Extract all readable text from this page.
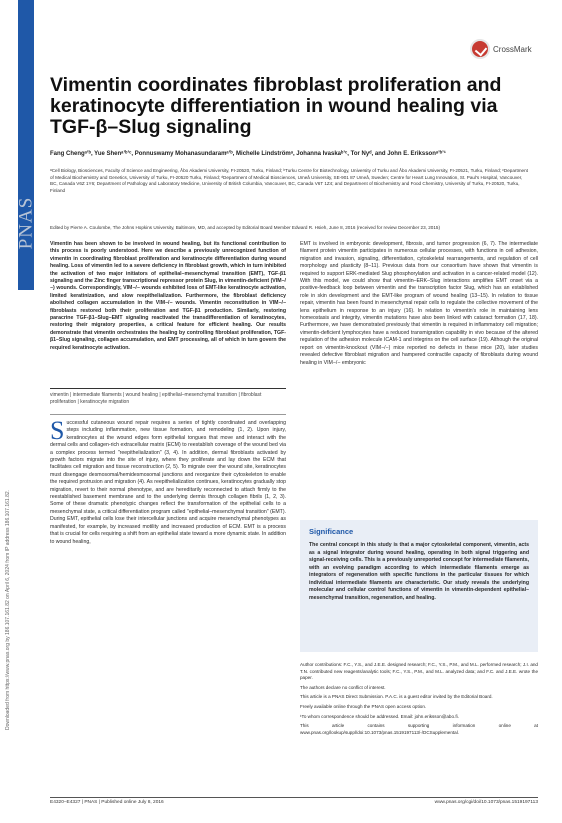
PNAS
Downloaded from https://www.pnas.org by 186.107.161.82 on April 6, 2024 from IP address 186.107.161.82.
CrossMark
Vimentin coordinates fibroblast proliferation and keratinocyte differentiation in wound healing via TGF-β–Slug signaling
Fang Chengᵃ’ᵇ, Yue Shenᵃ’ᵇ’ᶜ, Ponnuswamy Mohanasundaramᵃ’ᵇ, Michelle Lindströmᵃ, Johanna Ivaskaᵇ’ᶜ, Tor Nyᵈ, and John E. Erikssonᵃ’ᵇ’¹
ᵃCell Biology, Biosciences, Faculty of Science and Engineering, Åbo Akademi University, FI-20520, Turku, Finland; ᵇTurku Centre for Biotechnology, University of Turku and Åbo Akademi University, FI-20521, Turku, Finland; ᶜDepartment of Medical Biochemistry and Genetics, University of Turku, FI-20520 Turku, Finland; ᵈDepartment of Medical Biosciences, Umeå University, SE-901 87 Umeå, Sweden; Centre for Heart Lung Innovation, St. Paul's Hospital, Vancouver, BC, Canada V6Z 1Y6; Department of Pathology and Laboratory Medicine, University of British Columbia, Vancouver, BC, Canada V6T 1Z4; and Department of Biochemistry and Food Chemistry, University of Turku, FI-20520, Turku, Finland
Edited by Pierre A. Coulombe, The Johns Hopkins University, Baltimore, MD, and accepted by Editorial Board Member Edward R. Hsieh, June 8, 2016 (received for review December 23, 2015)
Vimentin has been shown to be involved in wound healing, but its functional contribution to this process is poorly understood. Here we describe a previously unrecognized function of vimentin in coordinating fibroblast proliferation and keratinocyte differentiation during wound healing. Loss of vimentin led to a severe deficiency in fibroblast growth, which in turn inhibited the activation of two major initiators of epithelial–mesenchymal transition (EMT), TGF-β1 signaling and the Zinc finger transcriptional repressor protein Slug, in vimentin-deficient (VIM−/−) wounds. Correspondingly, VIM−/− wounds exhibited loss of EMT-like keratinocyte activation, limited keratinization, and slow reepithelialization. Furthermore, the fibroblast deficiency abolished collagen accumulation in the VIM−/− wounds. Vimentin reconstitution in VIM−/− fibroblasts restored both their proliferation and TGF-β1 production. Similarly, restoring paracrine TGF-β1–Slug–EMT signaling reactivated the transdifferentiation of keratinocytes, restoring their migratory properties, a critical feature for efficient healing. Our results demonstrate that vimentin orchestrates the healing by controlling fibroblast proliferation, TGF-β1–Slug signaling, collagen accumulation, and EMT processing, all of which in turn govern the required keratinocyte activation.
vimentin | intermediate filaments | wound healing | epithelial–mesenchymal transition | fibroblast proliferation | keratinocyte migration
Successful cutaneous wound repair requires a series of tightly coordinated and overlapping steps including inflammation, new tissue formation, and remodeling (1, 2). Upon injury, keratinocytes at the wound edges form epithelial tongues that move and interact with the dermal cells and collagen-rich extracellular matrix (ECM) to reestablish coverage of the wound bed via a complex process termed "reepithelialization" (3, 4). In addition, dermal fibroblasts activated by growth factors migrate into the site of injury, where they proliferate and lay down the ECM that facilitates cell migration and tissue reconstruction (2, 5). To migrate over the wound site, keratinocytes must disengage desmosomal/hemidesmosomal junctions and reorganize their cytoskeleton to enable the required protrusion and migration (4). As reepithelialization continues, keratinocytes gradually stop migration, revert to their normal phenotype, and are hereditarily reconnected to attach firmly to the reestablished basement membrane and to the underlying dermis through collagen fibrils (1, 2, 3). Some of these dramatic phenotypic changes reflect the transformation of the epithelial cells to a mesenchymal state, a critical differentiation program called "epithelial–mesenchymal transition" (EMT). During EMT, epithelial cells lose their intercellular junctions and acquire mesenchymal phenotypes as manifested, for example, by increased motility and increased production of ECM. EMT is a process that is crucial for cells requiring a shift from an epithelial state toward a more dynamic state. In addition to wound healing,
EMT is involved in embryonic development, fibrosis, and tumor progression (6, 7). The intermediate filament protein vimentin participates in numerous cellular processes, with functions in cell adhesion, migration and invasion, signaling, differentiation, cytoskeletal rearrangements, and regulation of cell morphology and plasticity (8–11). Previous data from our consortium have shown that vimentin is required to support ERK-mediated Slug phosphorylation and activation in a cancer-related model (12). With this model, we could show that vimentin–ERK–Slug interactions amplifies EMT onset via a positive-feedback loop between vimentin and the transcription factor Slug, which has an established role in skin development and the EMT-like program of wound healing (13–15). In relation to tissue repair, vimentin has been found in mesenchymal repair cells to regulate the collective movement of the lens epithelium in response to an injury (16). In relation to vimentin's role in maintaining lens homeostasis and integrity, vimentin mutations have also been linked with cataract formation (17, 18). Furthermore, we have demonstrated previously that vimentin is required in inflammatory cell migration; vimentin-deficient lymphocytes have a reduced transmigration capability in vivo because of the altered regulation of the adhesion molecule ICAM-1 and integrins on the cell surface (19). Although the original report on vimentin-knockout (VIM−/−) mice reported no defects in these mice (20), later studies revealed defective fibroblast migration and hampered contractile capacity of fibroblasts during wound healing in VIM−/− embryonic
Significance
The central concept in this study is that a major cytoskeletal component, vimentin, acts as a signal integrator during wound healing, operating in both signal triggering and signal-receiving cells. This is a previously unreported concept for intermediate filaments, with an evolving paradigm according to which intermediate filaments emerge as integrators of regeneration with specific functions in the particular tissues for which individual intermediate filaments are characteristic. Our study reveals the underlying molecular and cellular control functions of vimentin in vimentin-dependent epithelial–mesenchymal transition, regeneration, and healing.

Author contributions: F.C., Y.S., and J.E.E. designed research; F.C., Y.S., P.M., and M.L. performed research; J.I. and T.N. contributed new reagents/analytic tools; F.C., Y.S., P.M., and M.L. analyzed data; and F.C. and J.E.E. wrote the paper.

The authors declare no conflict of interest.

This article is a PNAS Direct Submission. P.A.C. is a guest editor invited by the Editorial Board.

Freely available online through the PNAS open access option.

¹To whom correspondence should be addressed. Email: john.eriksson@abo.fi.

This article contains supporting information online at www.pnas.org/lookup/suppl/doi:10.1073/pnas.1519197113/-/DCSupplemental.

E4320–E4327 | PNAS | Published online July 8, 2016	www.pnas.org/cgi/doi/10.1073/pnas.1519197113
